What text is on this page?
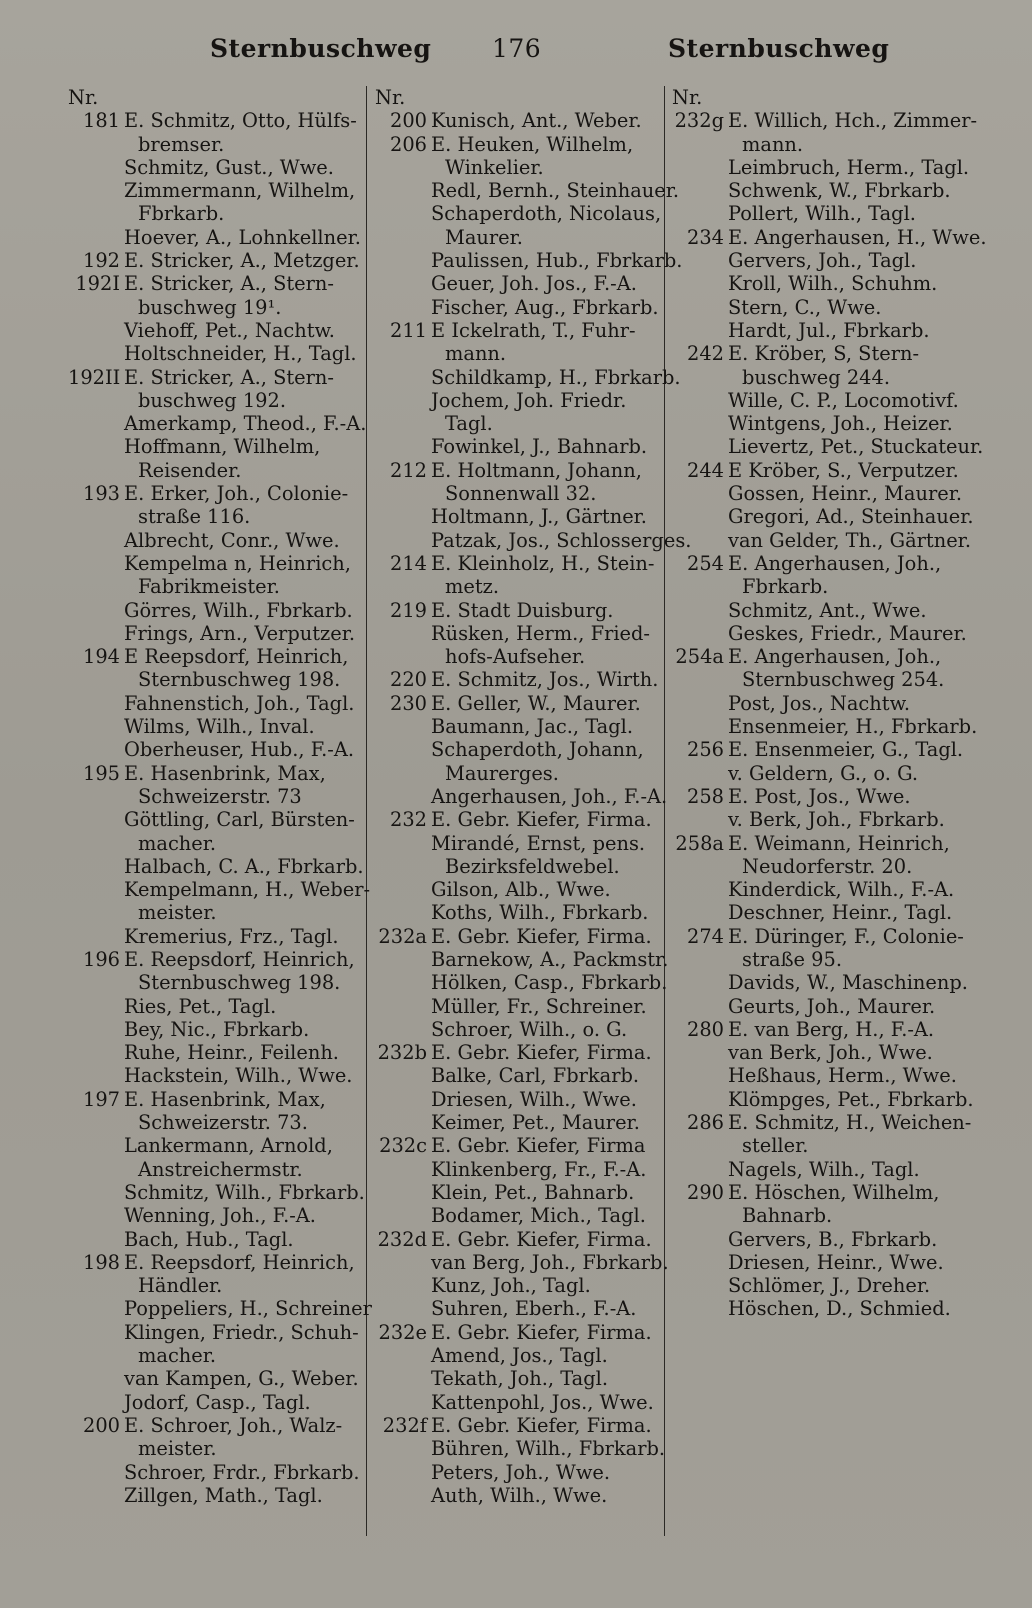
Sternbuschweg 176	Sternbuschweg
Nr.
181 E. Schmitz, Otto, Hülfs-
bremser.
Schmitz, Gust., Wwe.
Zimmermann, Wilhelm,
Fbrkarb.
Hoever, A., Lohnkellner.
192 E. Stricker, A., Metzger.
192I E. Stricker, A., Stern-
buschweg 19¹.
Viehoff, Pet., Nachtw.
Holtschneider, H., Tagl.
192II E. Stricker, A., Stern-
buschweg 192.
Amerkamp, Theod., F.-A.
Hoffmann, Wilhelm,
Reisender.
193 E. Erker, Joh., Colonie-
straße 116.
Albrecht, Conr., Wwe.
Kempelma n, Heinrich,
Fabrikmeister.
Görres, Wilh., Fbrkarb.
Frings, Arn., Verputzer.
194 E Reepsdorf, Heinrich,
Sternbuschweg 198.
Fahnenstich, Joh., Tagl.
Wilms, Wilh., Inval.
Oberheuser, Hub., F.-A.
195 E. Hasenbrink, Max,
Schweizerstr. 73
Göttling, Carl, Bürsten-
macher.
Halbach, C. A., Fbrkarb.
Kempelmann, H., Weber-
meister.
Kremerius, Frz., Tagl.
196 E. Reepsdorf, Heinrich,
Sternbuschweg 198.
Ries, Pet., Tagl.
Bey, Nic., Fbrkarb.
Ruhe, Heinr., Feilenh.
Hackstein, Wilh., Wwe.
197 E. Hasenbrink, Max,
Schweizerstr. 73.
Lankermann, Arnold,
Anstreichermstr.
Schmitz, Wilh., Fbrkarb.
Wenning, Joh., F.-A.
Bach, Hub., Tagl.
198 E. Reepsdorf, Heinrich,
Händler.
Poppeliers, H., Schreiner
Klingen, Friedr., Schuh-
macher.
van Kampen, G., Weber.
Jodorf, Casp., Tagl.
200 E. Schroer, Joh., Walz-
meister.
Schroer, Frdr., Fbrkarb.
Zillgen, Math., Tagl.
Nr.
200 Kunisch, Ant., Weber.
206 E. Heuken, Wilhelm,
Winkelier.
Redl, Bernh., Steinhauer.
Schaperdoth, Nicolaus,
Maurer.
Paulissen, Hub., Fbrkarb.
Geuer, Joh. Jos., F.-A.
Fischer, Aug., Fbrkarb.
211 E Ickelrath, T., Fuhr-
mann.
Schildkamp, H., Fbrkarb.
Jochem, Joh. Friedr.
Tagl.
Fowinkel, J., Bahnarb.
212 E. Holtmann, Johann,
Sonnenwall 32.
Holtmann, J., Gärtner.
Patzak, Jos., Schlosserges.
214 E. Kleinholz, H., Stein-
metz.
219 E. Stadt Duisburg.
Rüsken, Herm., Fried-
hofs-Aufseher.
220 E. Schmitz, Jos., Wirth.
230 E. Geller, W., Maurer.
Baumann, Jac., Tagl.
Schaperdoth, Johann,
Maurerges.
Angerhausen, Joh., F.-A.
232 E. Gebr. Kiefer, Firma.
Mirandé, Ernst, pens.
Bezirksfeldwebel.
Gilson, Alb., Wwe.
Koths, Wilh., Fbrkarb.
232a E. Gebr. Kiefer, Firma.
Barnekow, A., Packmstr.
Hölken, Casp., Fbrkarb.
Müller, Fr., Schreiner.
Schroer, Wilh., o. G.
232b E. Gebr. Kiefer, Firma.
Balke, Carl, Fbrkarb.
Driesen, Wilh., Wwe.
Keimer, Pet., Maurer.
232c E. Gebr. Kiefer, Firma
Klinkenberg, Fr., F.-A.
Klein, Pet., Bahnarb.
Bodamer, Mich., Tagl.
232d E. Gebr. Kiefer, Firma.
van Berg, Joh., Fbrkarb.
Kunz, Joh., Tagl.
Suhren, Eberh., F.-A.
232e E. Gebr. Kiefer, Firma.
Amend, Jos., Tagl.
Tekath, Joh., Tagl.
Kattenpohl, Jos., Wwe.
232f E. Gebr. Kiefer, Firma.
Bühren, Wilh., Fbrkarb.
Peters, Joh., Wwe.
Auth, Wilh., Wwe.
Nr.
232g E. Willich, Hch., Zimmer-
mann.
Leimbruch, Herm., Tagl.
Schwenk, W., Fbrkarb.
Pollert, Wilh., Tagl.
234 E. Angerhausen, H., Wwe.
Gervers, Joh., Tagl.
Kroll, Wilh., Schuhm.
Stern, C., Wwe.
Hardt, Jul., Fbrkarb.
242 E. Kröber, S, Stern-
buschweg 244.
Wille, C. P., Locomotivf.
Wintgens, Joh., Heizer.
Lievertz, Pet., Stuckateur.
244 E Kröber, S., Verputzer.
Gossen, Heinr., Maurer.
Gregori, Ad., Steinhauer.
van Gelder, Th., Gärtner.
254 E. Angerhausen, Joh.,
Fbrkarb.
Schmitz, Ant., Wwe.
Geskes, Friedr., Maurer.
254a E. Angerhausen, Joh.,
Sternbuschweg 254.
Post, Jos., Nachtw.
Ensenmeier, H., Fbrkarb.
256 E. Ensenmeier, G., Tagl.
v. Geldern, G., o. G.
258 E. Post, Jos., Wwe.
v. Berk, Joh., Fbrkarb.
258a E. Weimann, Heinrich,
Neudorferstr. 20.
Kinderdick, Wilh., F.-A.
Deschner, Heinr., Tagl.
274 E. Düringer, F., Colonie-
straße 95.
Davids, W., Maschinenp.
Geurts, Joh., Maurer.
280 E. van Berg, H., F.-A.
van Berk, Joh., Wwe.
Heßhaus, Herm., Wwe.
Klömpges, Pet., Fbrkarb.
286 E. Schmitz, H., Weichen-
steller.
Nagels, Wilh., Tagl.
290 E. Höschen, Wilhelm,
Bahnarb.
Gervers, B., Fbrkarb.
Driesen, Heinr., Wwe.
Schlömer, J., Dreher.
Höschen, D., Schmied.
